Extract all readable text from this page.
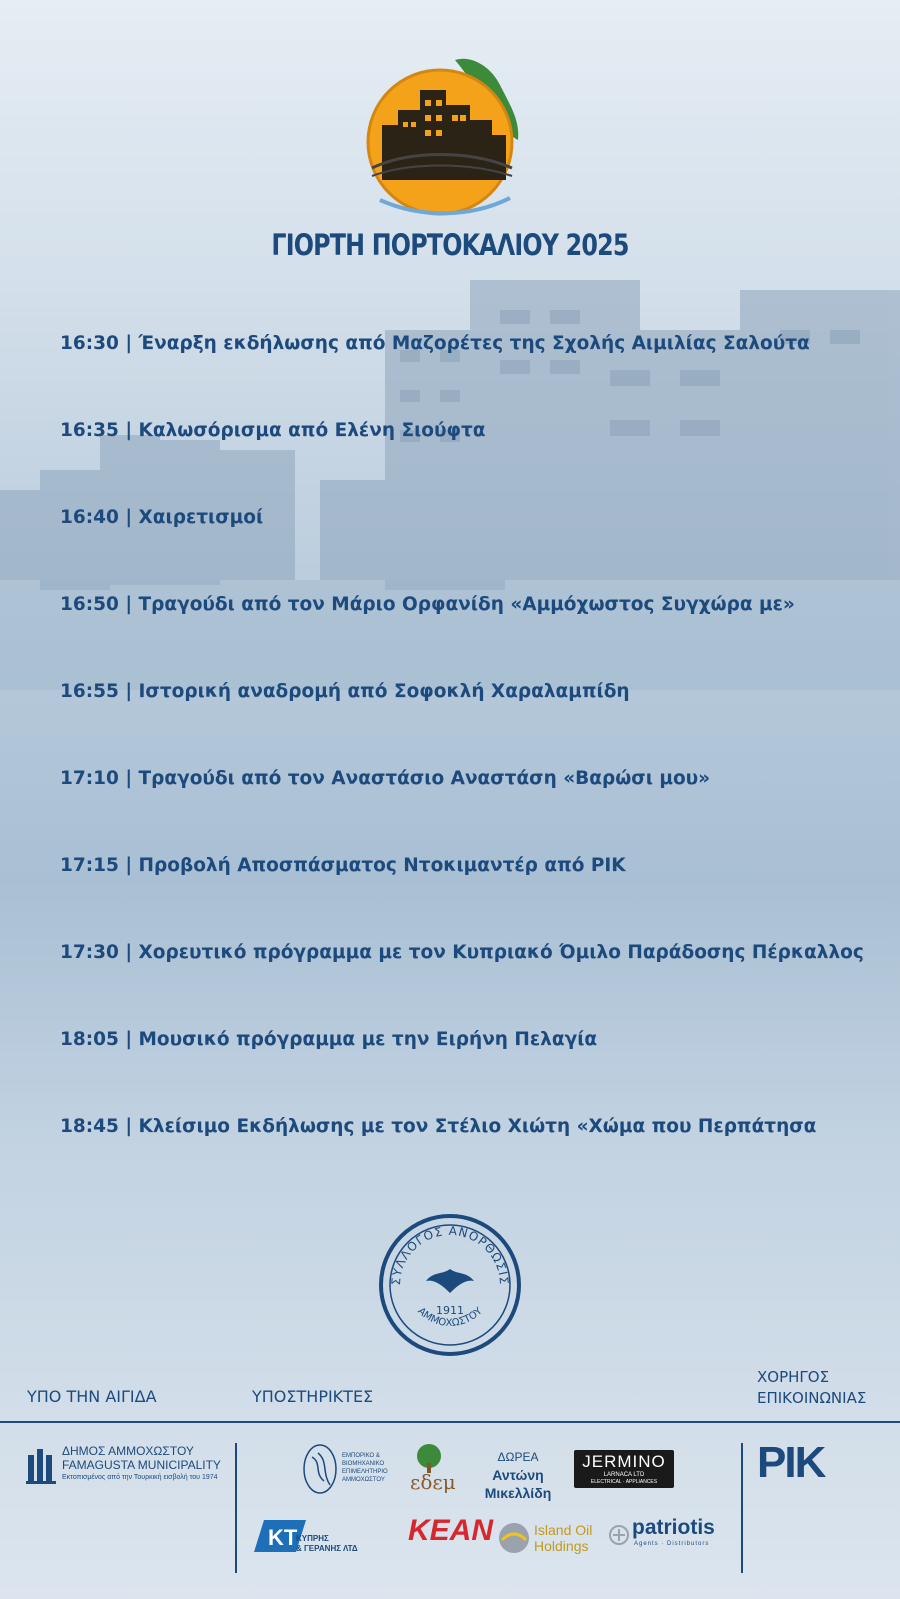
ΓΙΟΡΤΗ ΠΟΡΤΟΚΑΛΙΟΥ 2025
16:30 | Έναρξη εκδήλωσης από Μαζορέτες της Σχολής Αιμιλίας Σαλούτα
16:35 | Καλωσόρισμα από Ελένη Σιούφτα
16:40 | Χαιρετισμοί
16:50 | Τραγούδι από τον Μάριο Ορφανίδη «Αμμόχωστος Συγχώρα με»
16:55 | Ιστορική αναδρομή από Σοφοκλή Χαραλαμπίδη
17:10 | Τραγούδι από τον Αναστάσιο Αναστάση «Βαρώσι μου»
17:15 | Προβολή Αποσπάσματος Ντοκιμαντέρ από ΡΙΚ
17:30 | Χορευτικό πρόγραμμα με τον Κυπριακό Όμιλο Παράδοσης Πέρκαλλος
18:05 | Μουσικό πρόγραμμα με την Ειρήνη Πελαγία
18:45 | Κλείσιμο Εκδήλωσης με τον Στέλιο Χιώτη «Χώμα που Περπάτησα
ΣΥΛΛΟΓΟΣ ΑΝΟΡΘΩΣΙΣ
ΑΜΜΟΧΩΣΤΟΥ
1911
ΥΠΟ ΤΗΝ ΑΙΓΙΔΑ	ΥΠΟΣΤΗΡΙΚΤΕΣ
ΧΟΡΗΓΟΣ
ΕΠΙΚΟΙΝΩΝΙΑΣ
ΔΗΜΟΣ ΑΜΜΟΧΩΣΤΟΥ
FAMAGUSTA MUNICIPALITY
Εκτοπισμένος από την Τουρκική εισβολή του 1974
ΕΜΠΟΡΙΚΟ &
ΒΙΟΜΗΧΑΝΙΚΟ
ΕΠΙΜΕΛΗΤΗΡΙΟ
ΑΜΜΟΧΩΣΤΟΥ εδεμ
ΔΩΡΕΑ
Αντώνη
Μικελλίδη
JERMINO
LARNACA LTD
ELECTRICAL · APPLIANCES	ΡΙΚ
KT
ΚΥΠΡΗΣ
& ΓΕΡΑΝΗΣ ΛΤΔ
KEAN	Island Oil
Holdings
patriotis
Agents · Distributors
